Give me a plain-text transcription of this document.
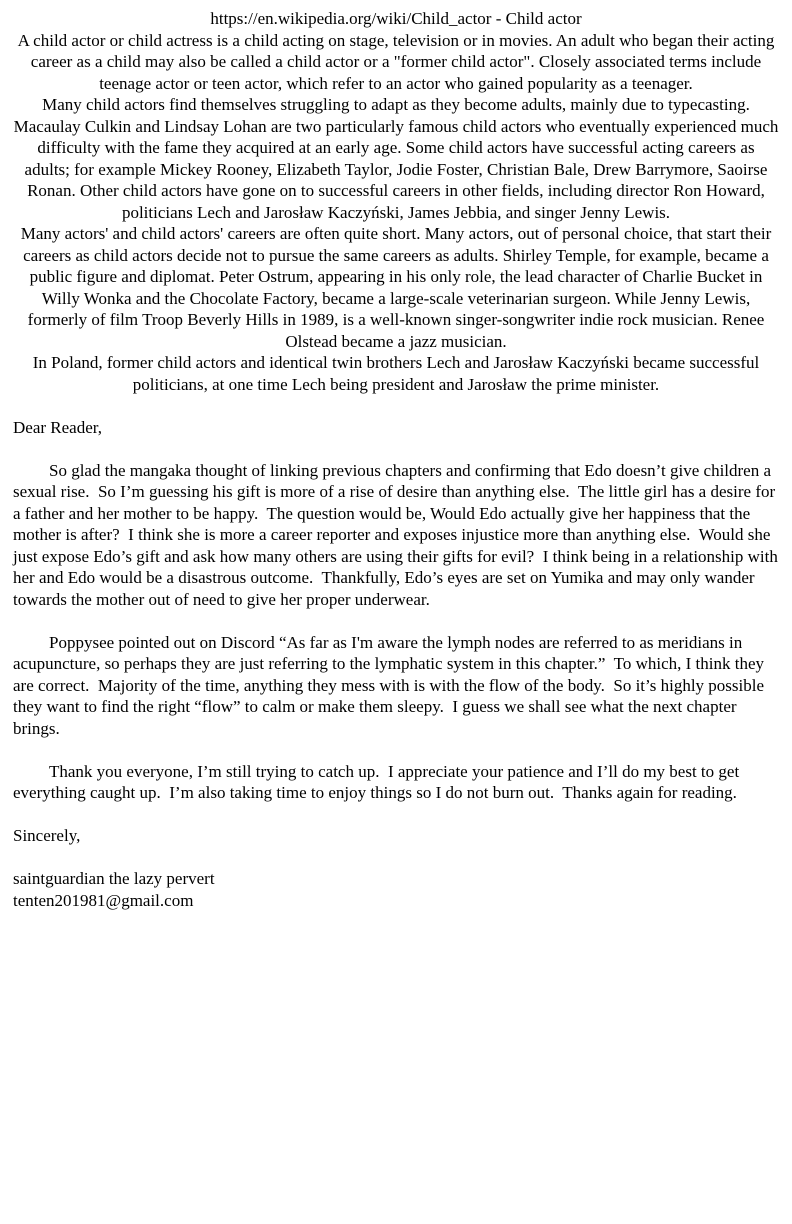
https://en.wikipedia.org/wiki/Child_actor - Child actor

A child actor or child actress is a child acting on stage, television or in movies. An adult who began their acting career as a child may also be called a child actor or a "former child actor". Closely associated terms include teenage actor or teen actor, which refer to an actor who gained popularity as a teenager.

Many child actors find themselves struggling to adapt as they become adults, mainly due to typecasting. Macaulay Culkin and Lindsay Lohan are two particularly famous child actors who eventually experienced much difficulty with the fame they acquired at an early age. Some child actors have successful acting careers as adults; for example Mickey Rooney, Elizabeth Taylor, Jodie Foster, Christian Bale, Drew Barrymore, Saoirse Ronan. Other child actors have gone on to successful careers in other fields, including director Ron Howard, politicians Lech and Jarosław Kaczyński, James Jebbia, and singer Jenny Lewis.

Many actors' and child actors' careers are often quite short. Many actors, out of personal choice, that start their careers as child actors decide not to pursue the same careers as adults. Shirley Temple, for example, became a public figure and diplomat. Peter Ostrum, appearing in his only role, the lead character of Charlie Bucket in Willy Wonka and the Chocolate Factory, became a large-scale veterinarian surgeon. While Jenny Lewis, formerly of film Troop Beverly Hills in 1989, is a well-known singer-songwriter indie rock musician. Renee Olstead became a jazz musician.

In Poland, former child actors and identical twin brothers Lech and Jarosław Kaczyński became successful politicians, at one time Lech being president and Jarosław the prime minister.

Dear Reader,

So glad the mangaka thought of linking previous chapters and confirming that Edo doesn’t give children a sexual rise.  So I’m guessing his gift is more of a rise of desire than anything else.  The little girl has a desire for a father and her mother to be happy.  The question would be, Would Edo actually give her happiness that the mother is after?  I think she is more a career reporter and exposes injustice more than anything else.  Would she just expose Edo’s gift and ask how many others are using their gifts for evil?  I think being in a relationship with her and Edo would be a disastrous outcome.  Thankfully, Edo’s eyes are set on Yumika and may only wander towards the mother out of need to give her proper underwear.

Poppysee pointed out on Discord “As far as I'm aware the lymph nodes are referred to as meridians in acupuncture, so perhaps they are just referring to the lymphatic system in this chapter.”  To which, I think they are correct.  Majority of the time, anything they mess with is with the flow of the body.  So it’s highly possible they want to find the right “flow” to calm or make them sleepy.  I guess we shall see what the next chapter brings.

Thank you everyone, I’m still trying to catch up.  I appreciate your patience and I’ll do my best to get everything caught up.  I’m also taking time to enjoy things so I do not burn out.  Thanks again for reading.

Sincerely,

saintguardian the lazy pervert

tenten201981@gmail.com
